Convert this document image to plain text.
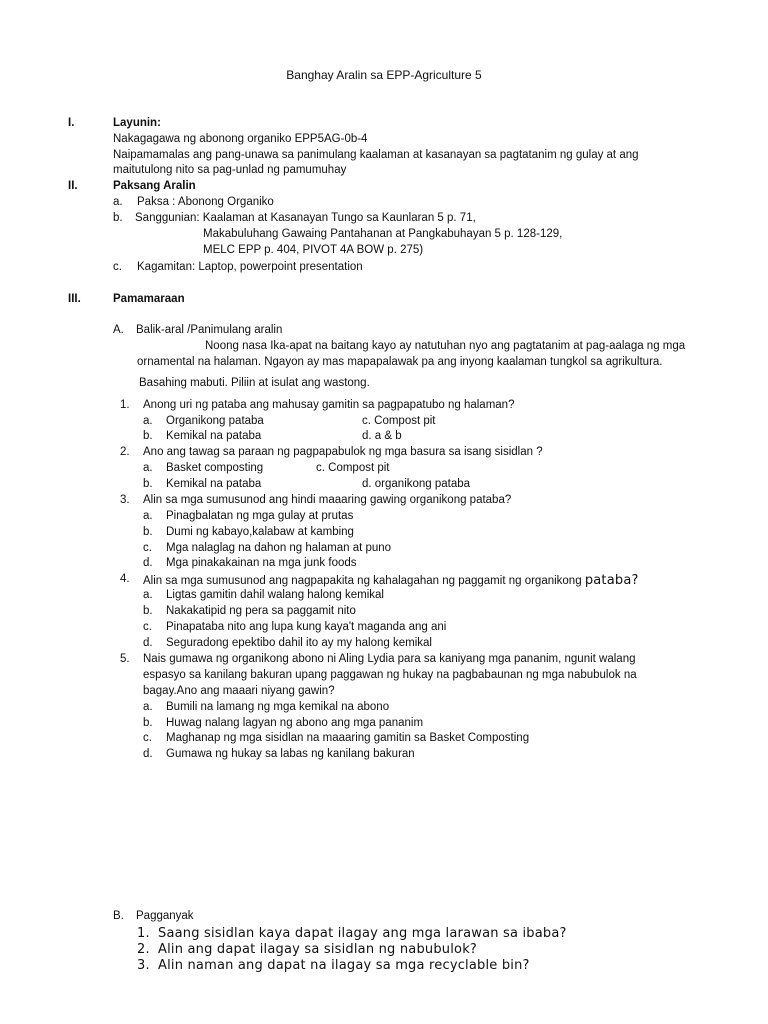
Banghay Aralin sa EPP-Agriculture 5
I.	Layunin:
Nakagagawa ng abonong organiko EPP5AG-0b-4
Naipamamalas ang pang-unawa sa panimulang kaalaman at kasanayan sa pagtatanim ng gulay at ang
maitutulong nito sa pag-unlad ng pamumuhay
II.	Paksang Aralin
a. Paksa : Abonong Organiko
b. Sanggunian: Kaalaman at Kasanayan Tungo sa Kaunlaran 5 p. 71,
Makabuluhang Gawaing Pantahanan at Pangkabuhayan 5 p. 128-129,
MELC EPP p. 404, PIVOT 4A BOW p. 275)
c. Kagamitan: Laptop, powerpoint presentation
III.	Pamamaraan
A. Balik-aral /Panimulang aralin
Noong nasa Ika-apat na baitang kayo ay natutuhan nyo ang pagtatanim at pag-aalaga ng mga
ornamental na halaman. Ngayon ay mas mapapalawak pa ang inyong kaalaman tungkol sa agrikultura.
Basahing mabuti. Piliin at isulat ang wastong.
1. Anong uri ng pataba ang mahusay gamitin sa pagpapatubo ng halaman?
a. Organikong pataba	c. Compost pit
b. Kemikal na pataba	d. a & b
2. Ano ang tawag sa paraan ng pagpapabulok ng mga basura sa isang sisidlan ?
a. Basket composting	c. Compost pit
b. Kemikal na pataba	d. organikong pataba
3. Alin sa mga sumusunod ang hindi maaaring gawing organikong pataba?
a. Pinagbalatan ng mga gulay at prutas
b. Dumi ng kabayo,kalabaw at kambing
c. Mga nalaglag na dahon ng halaman at puno
d. Mga pinakakainan na mga junk foods
4. Alin sa mga sumusunod ang nagpapakita ng kahalagahan ng paggamit ng organikong pataba?
a. Ligtas gamitin dahil walang halong kemikal
b. Nakakatipid ng pera sa paggamit nito
c. Pinapataba nito ang lupa kung kaya't maganda ang ani
d. Seguradong epektibo dahil ito ay my halong kemikal
5. Nais gumawa ng organikong abono ni Aling Lydia para sa kaniyang mga pananim, ngunit walang
espasyo sa kanilang bakuran upang paggawan ng hukay na pagbabaunan ng mga nabubulok na
bagay.Ano ang maaari niyang gawin?
a. Bumili na lamang ng mga kemikal na abono
b. Huwag nalang lagyan ng abono ang mga pananim
c. Maghanap ng mga sisidlan na maaaring gamitin sa Basket Composting
d. Gumawa ng hukay sa labas ng kanilang bakuran
B. Pagganyak
1. Saang sisidlan kaya dapat ilagay ang mga larawan sa ibaba?
2. Alin ang dapat ilagay sa sisidlan ng nabubulok?
3. Alin naman ang dapat na ilagay sa mga recyclable bin?
